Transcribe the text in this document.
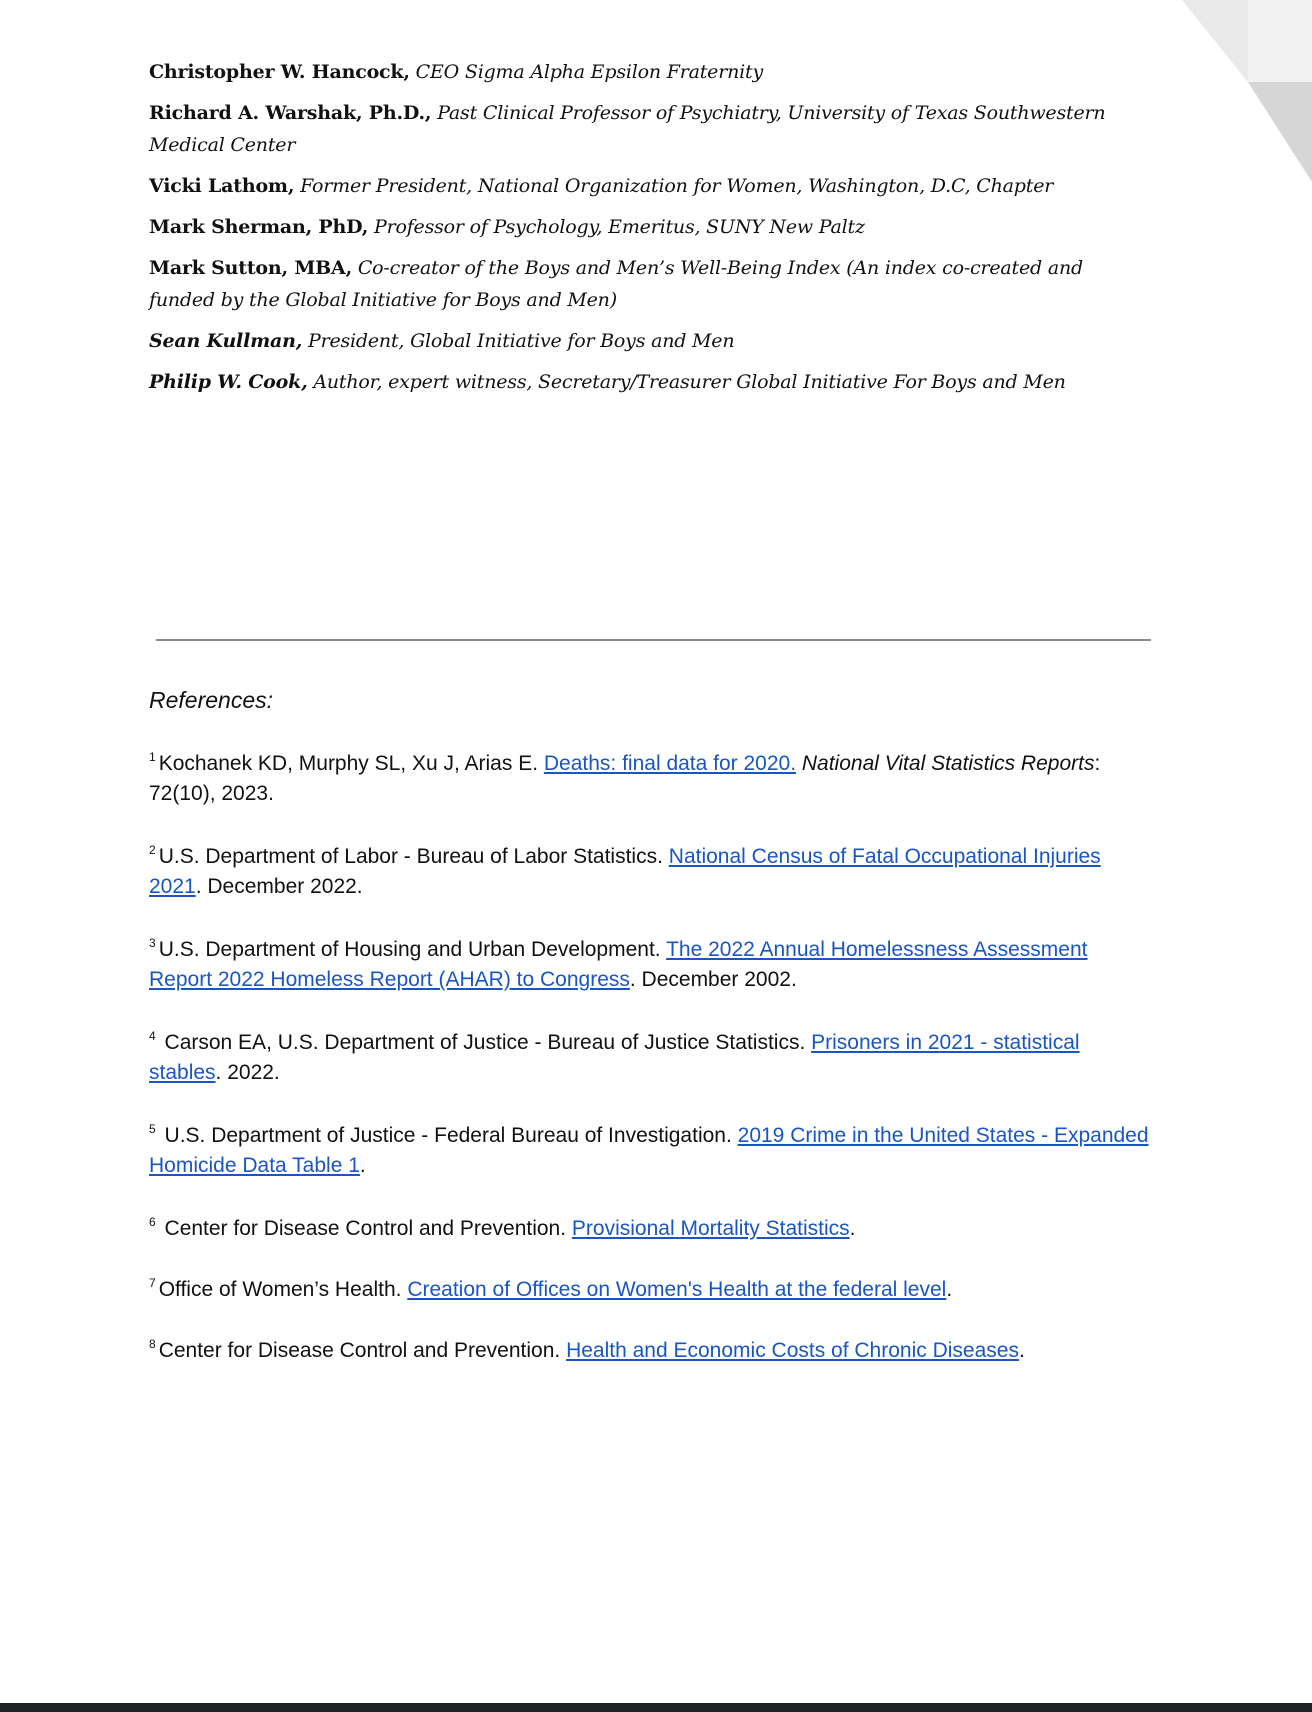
Christopher W. Hancock, CEO Sigma Alpha Epsilon Fraternity
Richard A. Warshak, Ph.D., Past Clinical Professor of Psychiatry, University of Texas Southwestern Medical Center
Vicki Lathom, Former President, National Organization for Women, Washington, D.C, Chapter
Mark Sherman, PhD, Professor of Psychology, Emeritus, SUNY New Paltz
Mark Sutton, MBA, Co-creator of the Boys and Men’s Well-Being Index (An index co-created and funded by the Global Initiative for Boys and Men)
Sean Kullman, President, Global Initiative for Boys and Men
Philip W. Cook, Author, expert witness, Secretary/Treasurer Global Initiative For Boys and Men
References:
$^1$ Kochanek KD, Murphy SL, Xu J, Arias E. Deaths: final data for 2020. National Vital Statistics Reports: 72(10), 2023.
$^2$ U.S. Department of Labor - Bureau of Labor Statistics. National Census of Fatal Occupational Injuries 2021. December 2022.
$^3$ U.S. Department of Housing and Urban Development. The 2022 Annual Homelessness Assessment Report 2022 Homeless Report (AHAR) to Congress. December 2002.
$^4$ Carson EA, U.S. Department of Justice - Bureau of Justice Statistics. Prisoners in 2021 - statistical stables. 2022.
$^5$ U.S. Department of Justice - Federal Bureau of Investigation. 2019 Crime in the United States - Expanded Homicide Data Table 1.
$^6$ Center for Disease Control and Prevention. Provisional Mortality Statistics.
$^7$ Office of Women’s Health. Creation of Offices on Women's Health at the federal level.
$^8$ Center for Disease Control and Prevention. Health and Economic Costs of Chronic Diseases.
